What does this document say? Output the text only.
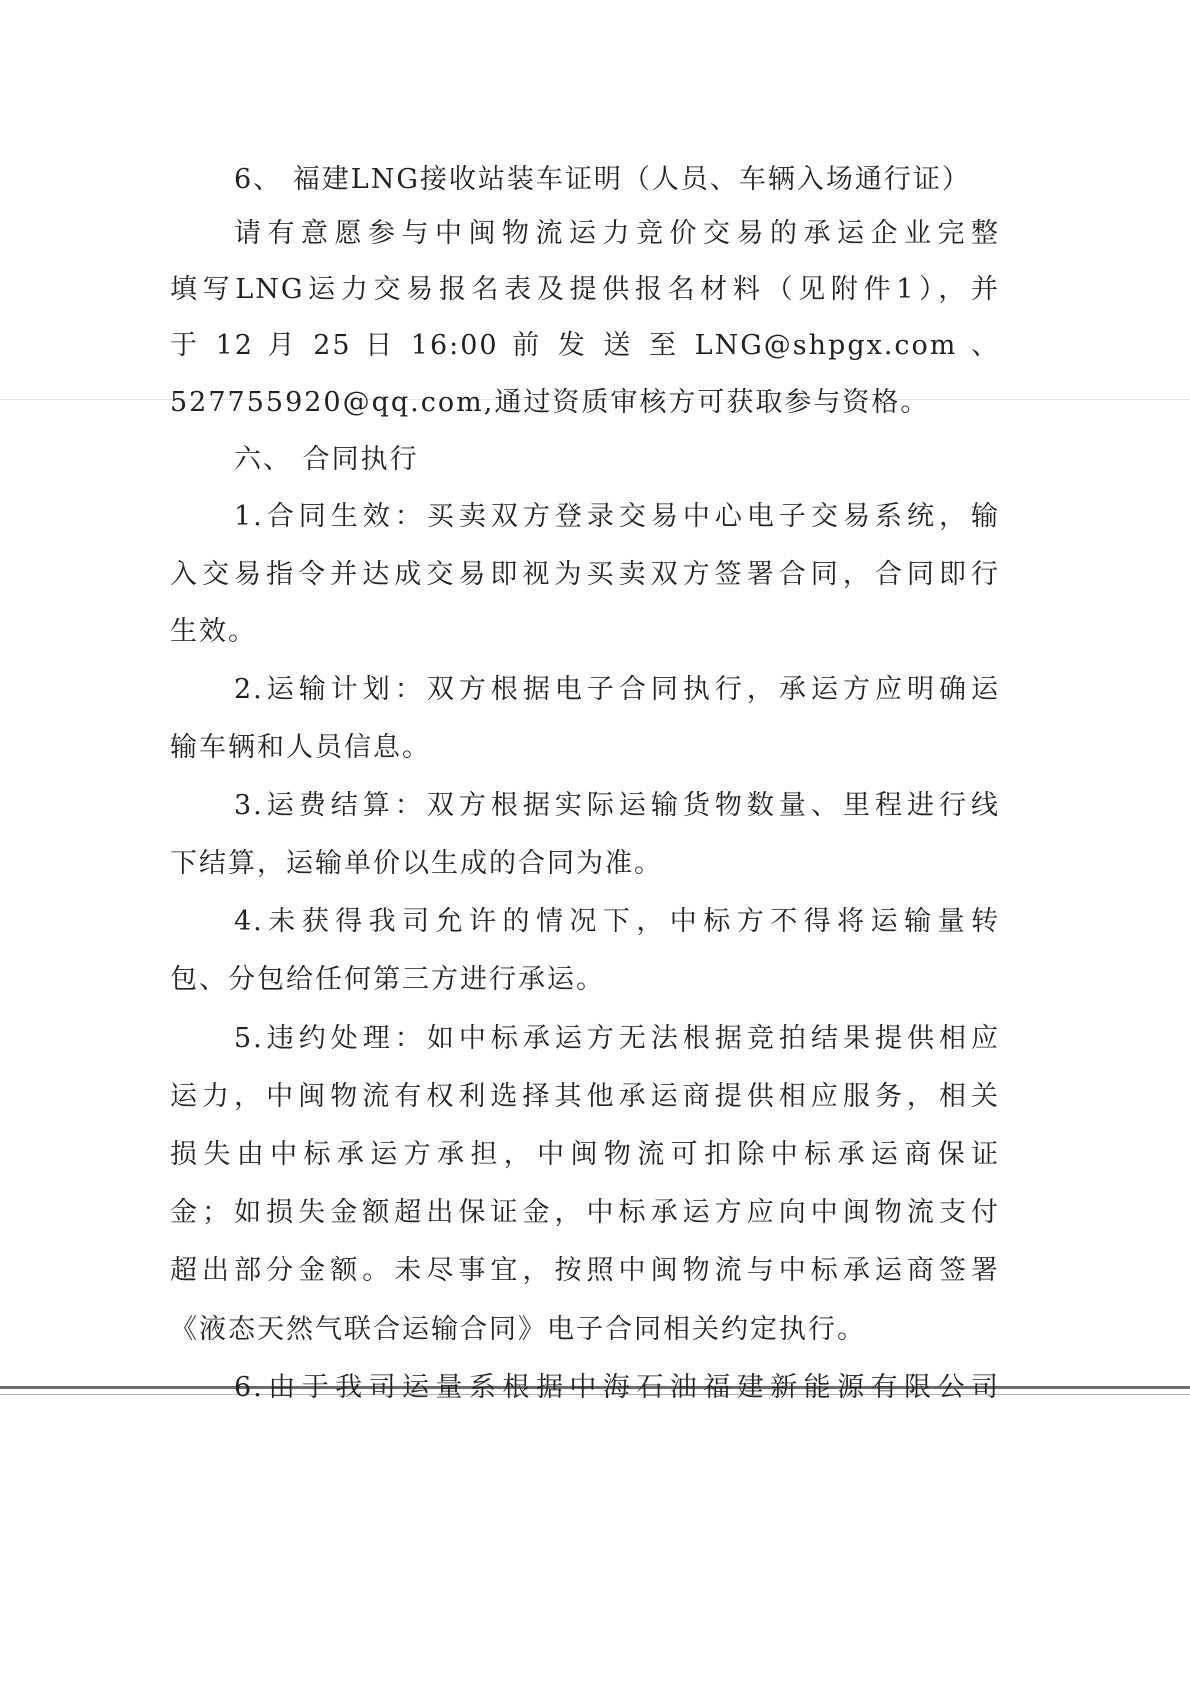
6、 福建LNG接收站装车证明（人员、车辆入场通行证）
请有意愿参与中闽物流运力竞价交易的承运企业完整
填写LNG运力交易报名表及提供报名材料（见附件1），并
于 12 月 25 日 16:00 前 发 送 至 LNG@shpgx.com 、
527755920@qq.com,通过资质审核方可获取参与资格。
六、 合同执行
1.合同生效：买卖双方登录交易中心电子交易系统，输
入交易指令并达成交易即视为买卖双方签署合同，合同即行
生效。
2.运输计划：双方根据电子合同执行，承运方应明确运
输车辆和人员信息。
3.运费结算：双方根据实际运输货物数量、里程进行线
下结算，运输单价以生成的合同为准。
4.未获得我司允许的情况下，中标方不得将运输量转
包、分包给任何第三方进行承运。
5.违约处理：如中标承运方无法根据竞拍结果提供相应
运力，中闽物流有权利选择其他承运商提供相应服务，相关
损失由中标承运方承担，中闽物流可扣除中标承运商保证
金；如损失金额超出保证金，中标承运方应向中闽物流支付
超出部分金额。未尽事宜，按照中闽物流与中标承运商签署
《液态天然气联合运输合同》电子合同相关约定执行。
6.由于我司运量系根据中海石油福建新能源有限公司
